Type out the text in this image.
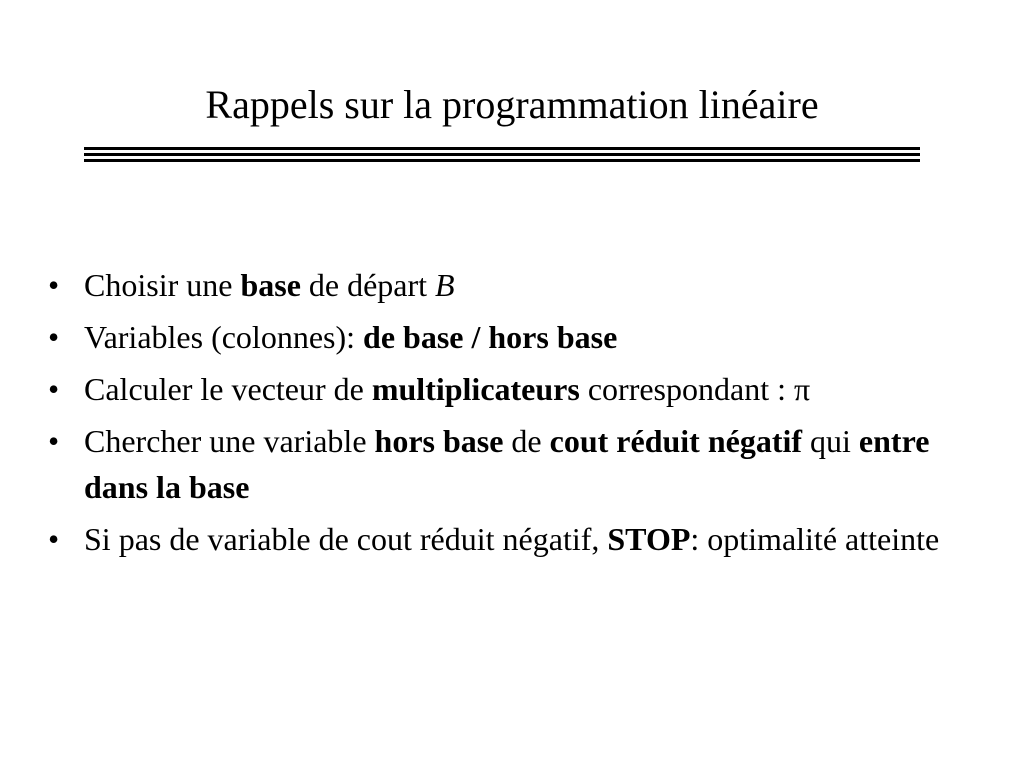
Rappels sur la programmation linéaire
• Choisir une base de départ B
• Variables (colonnes): de base / hors base
• Calculer le vecteur de multiplicateurs correspondant : π
• Chercher une variable hors base de cout réduit négatif qui entre dans la base
• Si pas de variable de cout réduit négatif, STOP: optimalité atteinte
